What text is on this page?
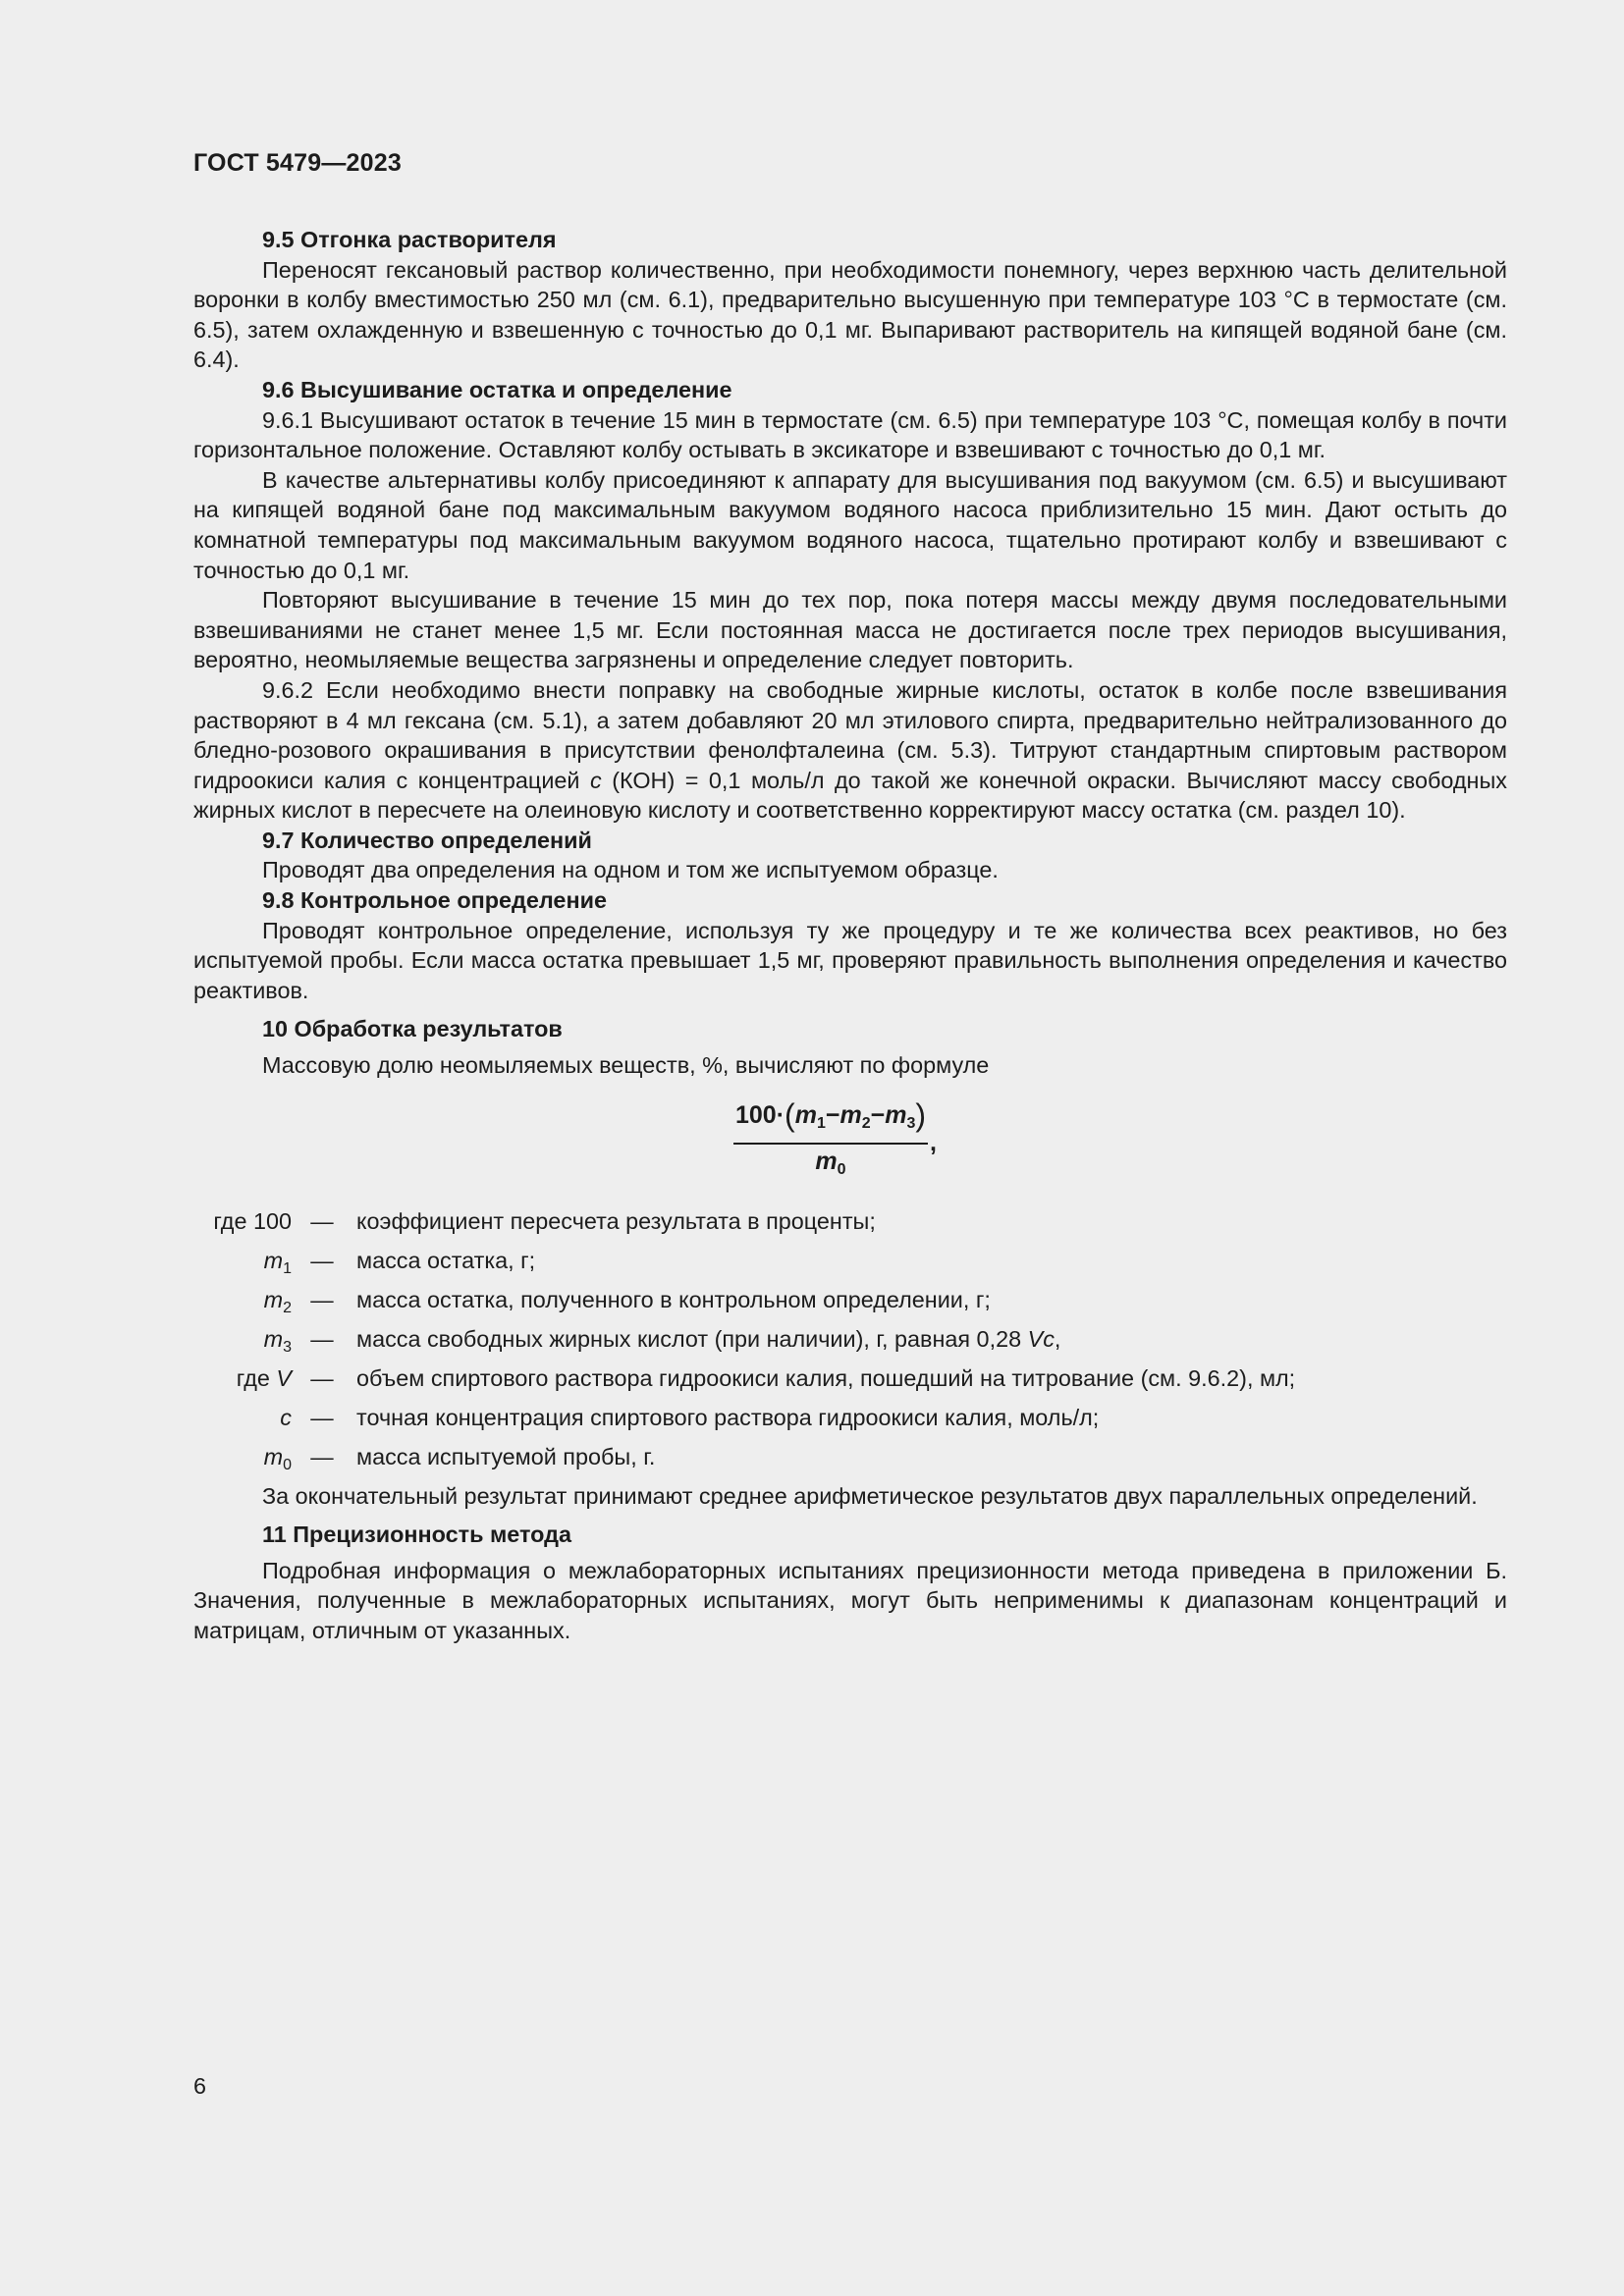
ГОСТ 5479—2023

9.5 Отгонка растворителя

Переносят гексановый раствор количественно, при необходимости понемногу, через верхнюю часть делительной воронки в колбу вместимостью 250 мл (см. 6.1), предварительно высушенную при температуре 103 °С в термостате (см. 6.5), затем охлажденную и взвешенную с точностью до 0,1 мг. Выпаривают растворитель на кипящей водяной бане (см. 6.4).

9.6 Высушивание остатка и определение

9.6.1 Высушивают остаток в течение 15 мин в термостате (см. 6.5) при температуре 103 °С, помещая колбу в почти горизонтальное положение. Оставляют колбу остывать в эксикаторе и взвешивают с точностью до 0,1 мг.

В качестве альтернативы колбу присоединяют к аппарату для высушивания под вакуумом (см. 6.5) и высушивают на кипящей водяной бане под максимальным вакуумом водяного насоса приблизительно 15 мин. Дают остыть до комнатной температуры под максимальным вакуумом водяного насоса, тщательно протирают колбу и взвешивают с точностью до 0,1 мг.

Повторяют высушивание в течение 15 мин до тех пор, пока потеря массы между двумя последовательными взвешиваниями не станет менее 1,5 мг. Если постоянная масса не достигается после трех периодов высушивания, вероятно, неомыляемые вещества загрязнены и определение следует повторить.

9.6.2 Если необходимо внести поправку на свободные жирные кислоты, остаток в колбе после взвешивания растворяют в 4 мл гексана (см. 5.1), а затем добавляют 20 мл этилового спирта, предварительно нейтрализованного до бледно-розового окрашивания в присутствии фенолфталеина (см. 5.3). Титруют стандартным спиртовым раствором гидроокиси калия с концентрацией c (КОН) = 0,1 моль/л до такой же конечной окраски. Вычисляют массу свободных жирных кислот в пересчете на олеиновую кислоту и соответственно корректируют массу остатка (см. раздел 10).

9.7 Количество определений

Проводят два определения на одном и том же испытуемом образце.

9.8 Контрольное определение

Проводят контрольное определение, используя ту же процедуру и те же количества всех реактивов, но без испытуемой пробы. Если масса остатка превышает 1,5 мг, проверяют правильность выполнения определения и качество реактивов.

10 Обработка результатов

Массовую долю неомыляемых веществ, %, вычисляют по формуле

$\frac{100\cdot(m_1-m_2-m_3)}{m_0}$ ,
где 100 — коэффициент пересчета результата в проценты;
$m_1$ — масса остатка, г;
$m_2$ — масса остатка, полученного в контрольном определении, г;
$m_3$ — масса свободных жирных кислот (при наличии), г, равная 0,28 Vc,
где V — объем спиртового раствора гидроокиси калия, пошедший на титрование (см. 9.6.2), мл;
c — точная концентрация спиртового раствора гидроокиси калия, моль/л;
$m_0$ — масса испытуемой пробы, г.

За окончательный результат принимают среднее арифметическое результатов двух параллельных определений.

11 Прецизионность метода

Подробная информация о межлабораторных испытаниях прецизионности метода приведена в приложении Б. Значения, полученные в межлабораторных испытаниях, могут быть неприменимы к диапазонам концентраций и матрицам, отличным от указанных.

6
